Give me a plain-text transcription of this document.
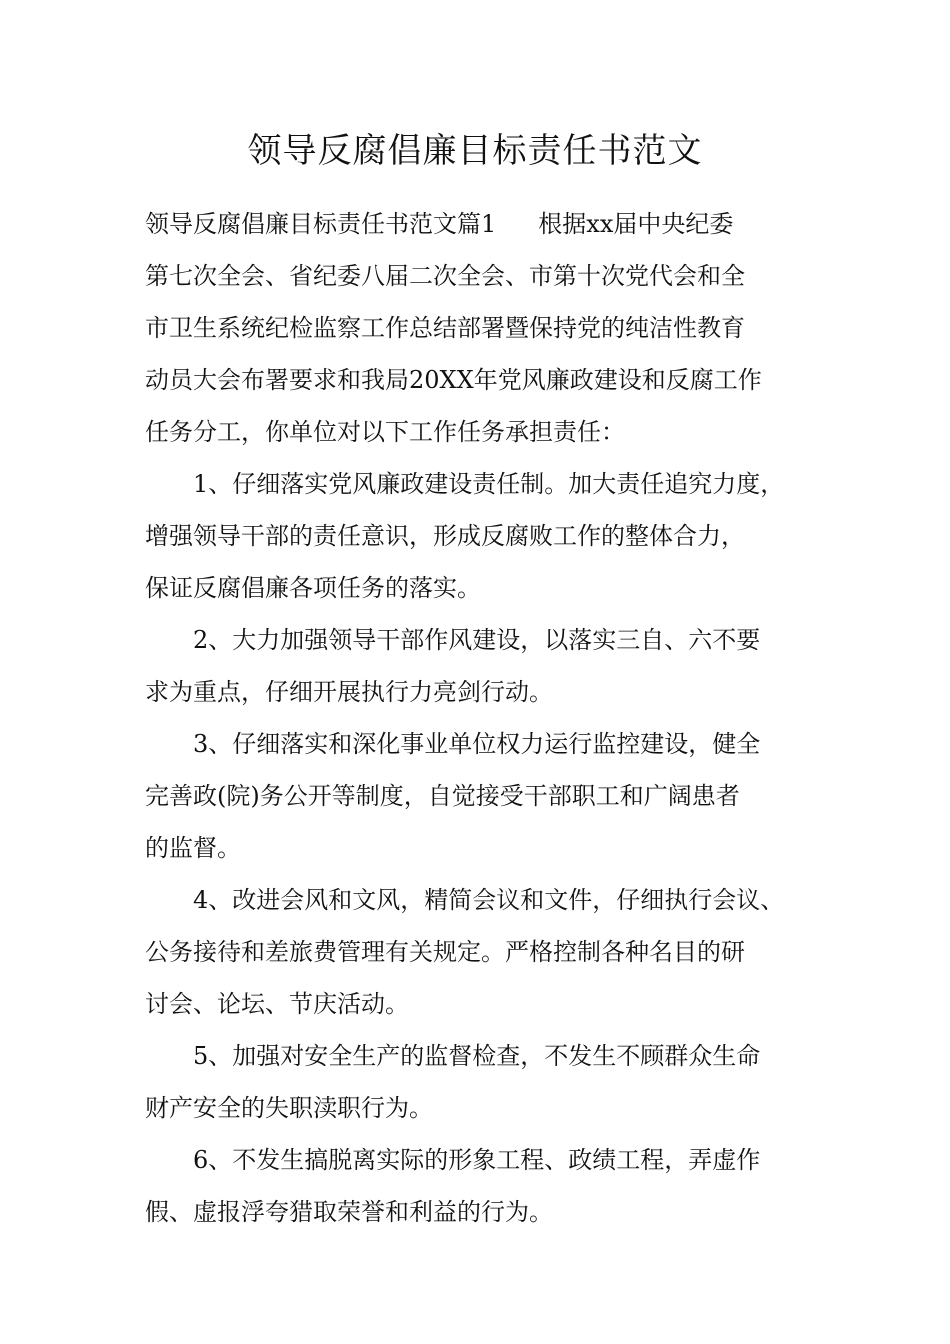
领导反腐倡廉目标责任书范文

领导反腐倡廉目标责任书范文篇1 根据xx届中央纪委
第七次全会、省纪委八届二次全会、市第十次党代会和全
市卫生系统纪检监察工作总结部署暨保持党的纯洁性教育
动员大会布署要求和我局20XX年党风廉政建设和反腐工作
任务分工，你单位对以下工作任务承担责任：

1、仔细落实党风廉政建设责任制。加大责任追究力度，
增强领导干部的责任意识，形成反腐败工作的整体合力，
保证反腐倡廉各项任务的落实。

2、大力加强领导干部作风建设，以落实三自、六不要
求为重点，仔细开展执行力亮剑行动。

3、仔细落实和深化事业单位权力运行监控建设，健全
完善政(院)务公开等制度，自觉接受干部职工和广阔患者
的监督。

4、改进会风和文风，精简会议和文件，仔细执行会议、
公务接待和差旅费管理有关规定。严格控制各种名目的研
讨会、论坛、节庆活动。

5、加强对安全生产的监督检查，不发生不顾群众生命
财产安全的失职渎职行为。

6、不发生搞脱离实际的形象工程、政绩工程，弄虚作
假、虚报浮夸猎取荣誉和利益的行为。
